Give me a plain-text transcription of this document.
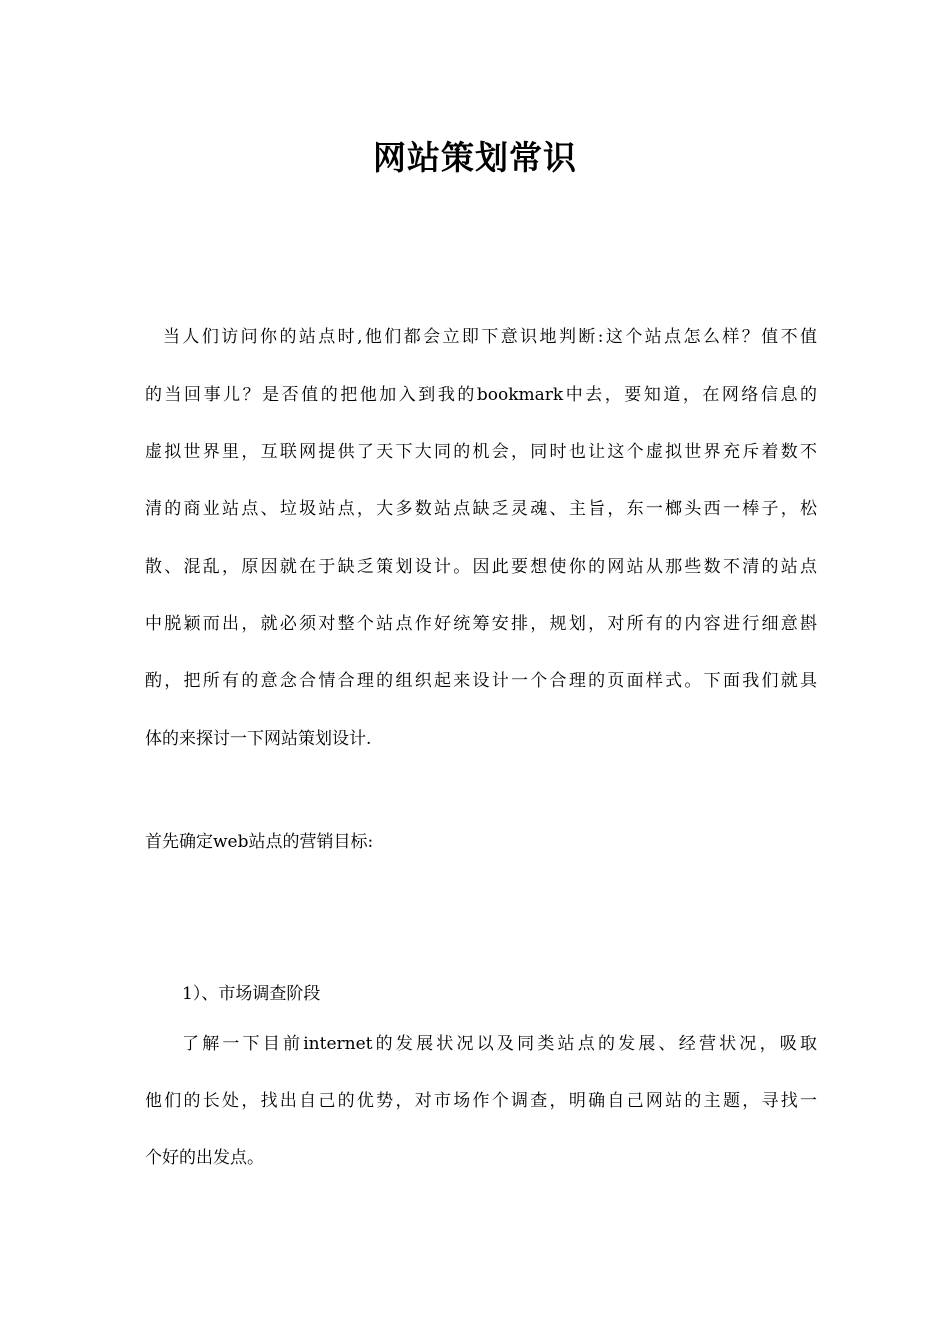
网站策划常识
当人们访问你的站点时,他们都会立即下意识地判断:这个站点怎么样？值不值
的当回事儿？是否值的把他加入到我的bookmark中去，要知道，在网络信息的
虚拟世界里，互联网提供了天下大同的机会，同时也让这个虚拟世界充斥着数不
清的商业站点、垃圾站点，大多数站点缺乏灵魂、主旨，东一榔头西一棒子，松
散、混乱，原因就在于缺乏策划设计。因此要想使你的网站从那些数不清的站点
中脱颖而出，就必须对整个站点作好统筹安排，规划，对所有的内容进行细意斟
酌，把所有的意念合情合理的组织起来设计一个合理的页面样式。下面我们就具
体的来探讨一下网站策划设计.
首先确定web站点的营销目标:
1）、市场调查阶段
了解一下目前internet的发展状况以及同类站点的发展、经营状况，吸取
他们的长处，找出自己的优势，对市场作个调查，明确自己网站的主题，寻找一
个好的出发点。
